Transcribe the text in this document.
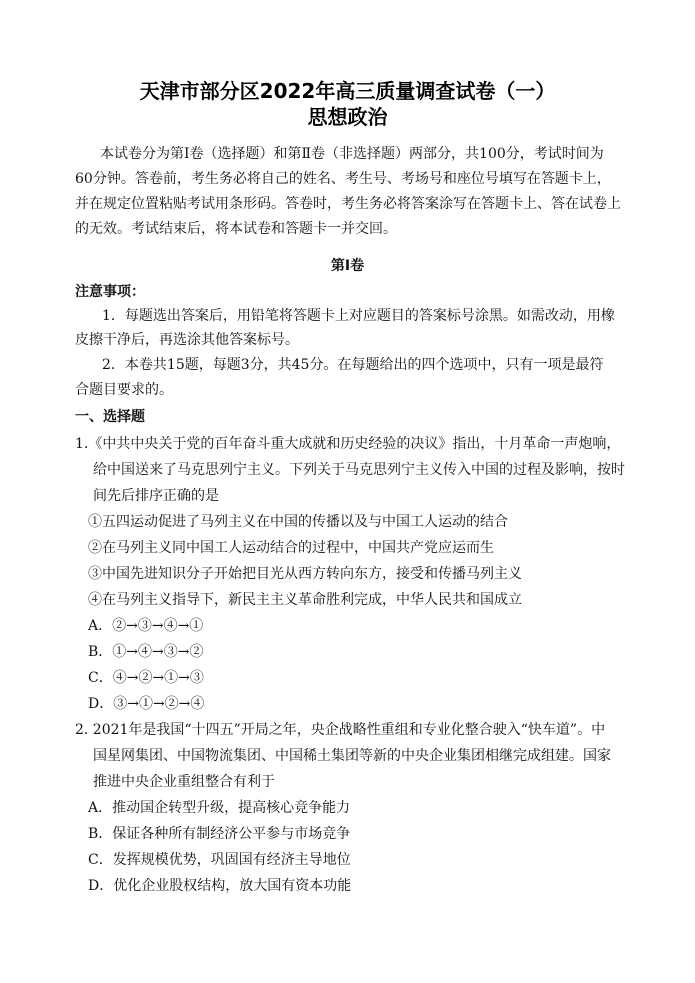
天津市部分区2022年高三质量调查试卷（一）
思想政治
本试卷分为第Ⅰ卷（选择题）和第Ⅱ卷（非选择题）两部分，共100分，考试时间为
60分钟。答卷前，考生务必将自己的姓名、考生号、考场号和座位号填写在答题卡上，
并在规定位置粘贴考试用条形码。答卷时，考生务必将答案涂写在答题卡上、答在试卷上
的无效。考试结束后，将本试卷和答题卡一并交回。
第Ⅰ卷
注意事项：
1．每题选出答案后，用铅笔将答题卡上对应题目的答案标号涂黑。如需改动，用橡
皮擦干净后，再选涂其他答案标号。
2．本卷共15题，每题3分，共45分。在每题给出的四个选项中，只有一项是最符
合题目要求的。
一、选择题
1.《中共中央关于党的百年奋斗重大成就和历史经验的决议》指出，十月革命一声炮响，
给中国送来了马克思列宁主义。下列关于马克思列宁主义传入中国的过程及影响，按时
间先后排序正确的是
①五四运动促进了马列主义在中国的传播以及与中国工人运动的结合
②在马列主义同中国工人运动结合的过程中，中国共产党应运而生
③中国先进知识分子开始把目光从西方转向东方，接受和传播马列主义
④在马列主义指导下，新民主主义革命胜利完成，中华人民共和国成立
A．②→③→④→①
B．①→④→③→②
C．④→②→①→③
D．③→①→②→④
2. 2021年是我国“十四五”开局之年，央企战略性重组和专业化整合驶入“快车道”。中
国星网集团、中国物流集团、中国稀土集团等新的中央企业集团相继完成组建。国家
推进中央企业重组整合有利于
A．推动国企转型升级，提高核心竞争能力
B．保证各种所有制经济公平参与市场竞争
C．发挥规模优势，巩固国有经济主导地位
D．优化企业股权结构，放大国有资本功能
